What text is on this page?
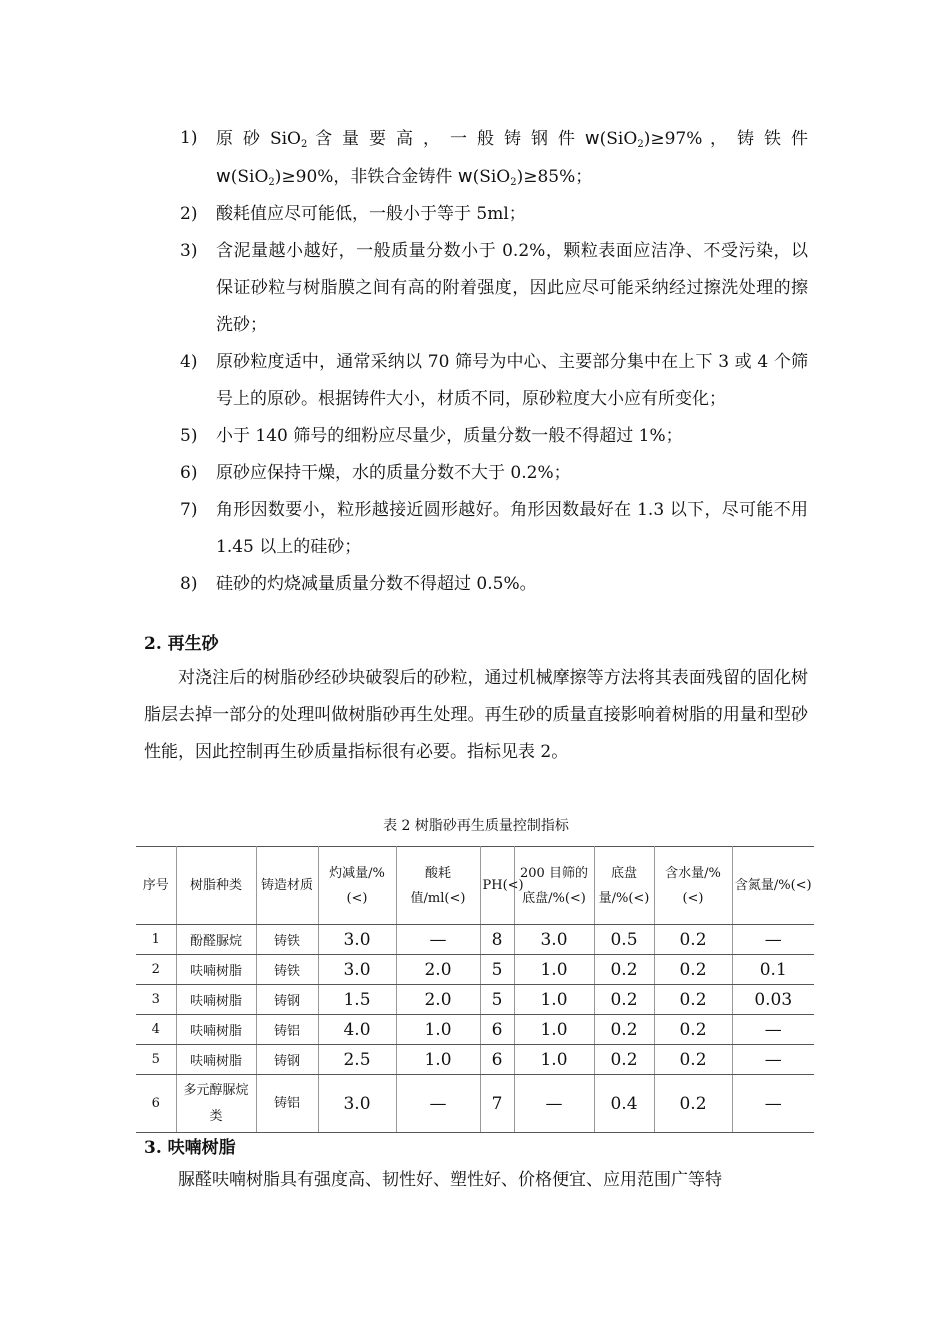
1)	原 砂 SiO$_2$ 含 量 要 高 ， 一 般 铸 钢 件 w(SiO$_2$)≥97% ， 铸 铁 件 w(SiO$_2$)≥90%，非铁合金铸件 w(SiO$_2$)≥85%；
2)	酸耗值应尽可能低，一般小于等于 5ml；
3)	含泥量越小越好，一般质量分数小于 0.2%，颗粒表面应洁净、不受污染，以保证砂粒与树脂膜之间有高的附着强度，因此应尽可能采纳经过擦洗处理的擦洗砂；
4)	原砂粒度适中，通常采纳以 70 筛号为中心、主要部分集中在上下 3 或 4 个筛号上的原砂。根据铸件大小，材质不同，原砂粒度大小应有所变化；
5)	小于 140 筛号的细粉应尽量少，质量分数一般不得超过 1%；
6)	原砂应保持干燥，水的质量分数不大于 0.2%；
7)	角形因数要小，粒形越接近圆形越好。角形因数最好在 1.3 以下，尽可能不用 1.45 以上的硅砂；
8)	硅砂的灼烧减量质量分数不得超过 0.5%。
2. 再生砂

对浇注后的树脂砂经砂块破裂后的砂粒，通过机械摩擦等方法将其表面残留的固化树脂层去掉一部分的处理叫做树脂砂再生处理。再生砂的质量直接影响着树脂的用量和型砂性能，因此控制再生砂质量指标很有必要。指标见表 2。

表 2 树脂砂再生质量控制指标
序号	树脂种类	铸造材质	灼减量/%(<)	酸耗值/ml(<)	PH(<)	200 目筛的底盘/%(<)	底盘量/%(<)	含水量/%(<)	含氮量/%(<)
1	酚醛脲烷	铸铁	3.0	—	8	3.0	0.5	0.2	—
2	呋喃树脂	铸铁	3.0	2.0	5	1.0	0.2	0.2	0.1
3	呋喃树脂	铸钢	1.5	2.0	5	1.0	0.2	0.2	0.03
4	呋喃树脂	铸铝	4.0	1.0	6	1.0	0.2	0.2	—
5	呋喃树脂	铸钢	2.5	1.0	6	1.0	0.2	0.2	—
6	多元醇脲烷类	铸铝	3.0	—	7	—	0.4	0.2	—
3. 呋喃树脂

脲醛呋喃树脂具有强度高、韧性好、塑性好、价格便宜、应用范围广等特
